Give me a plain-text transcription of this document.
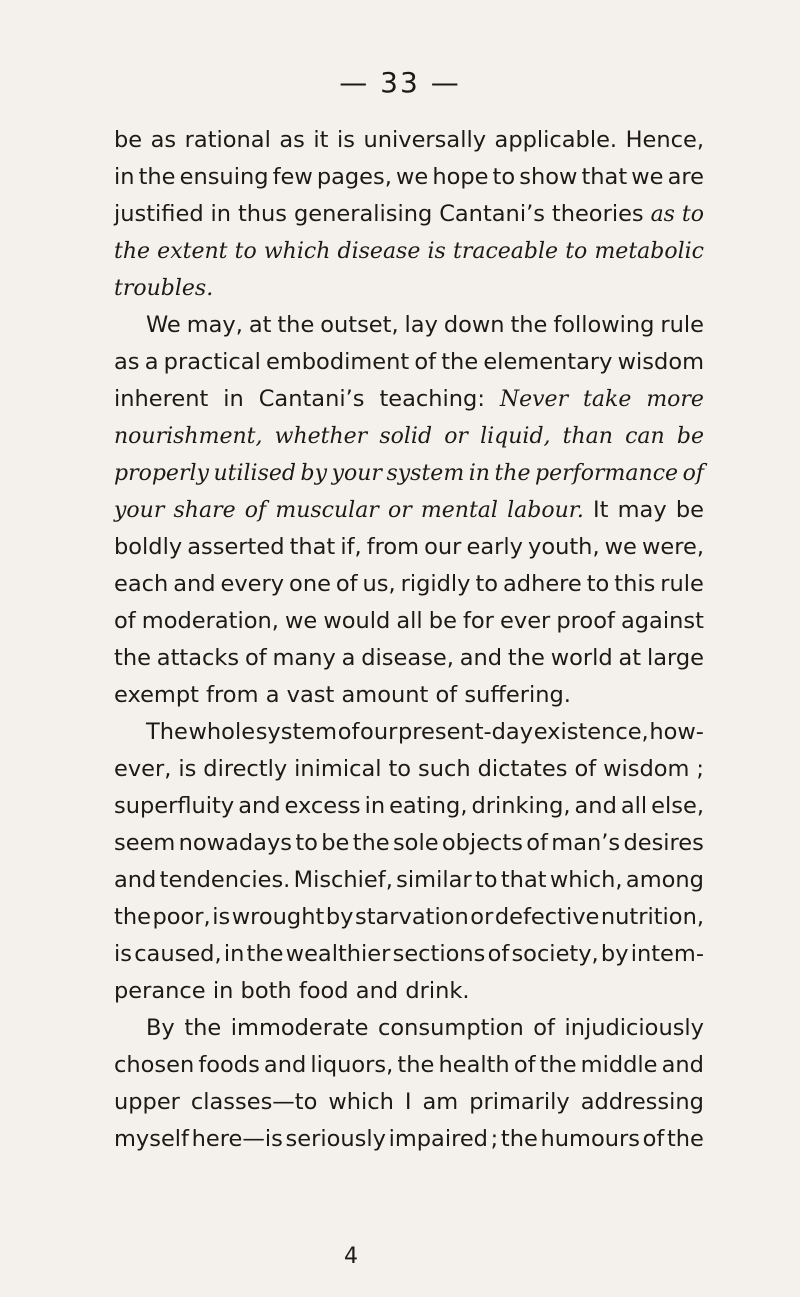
— 33 —
be as rational as it is universally applicable. Hence,
in the ensuing few pages, we hope to show that we are
justified in thus generalising Cantani’s theories as to
the extent to which disease is traceable to metabolic
troubles.
We may, at the outset, lay down the following rule
as a practical embodiment of the elementary wisdom
inherent in Cantani’s teaching: Never take more
nourishment, whether solid or liquid, than can be
properly utilised by your system in the performance of
your share of muscular or mental labour. It may be
boldly asserted that if, from our early youth, we were,
each and every one of us, rigidly to adhere to this rule
of moderation, we would all be for ever proof against
the attacks of many a disease, and the world at large
exempt from a vast amount of suffering.
The whole system of our present-day existence, how-
ever, is directly inimical to such dictates of wisdom ;
superfluity and excess in eating, drinking, and all else,
seem nowadays to be the sole objects of man’s desires
and tendencies. Mischief, similar to that which, among
the poor, is wrought by starvation or defective nutrition,
is caused, in the wealthier sections of society, by intem-
perance in both food and drink.
By the immoderate consumption of injudiciously
chosen foods and liquors, the health of the middle and
upper classes—to which I am primarily addressing
myself here—is seriously impaired ; the humours of the
4
